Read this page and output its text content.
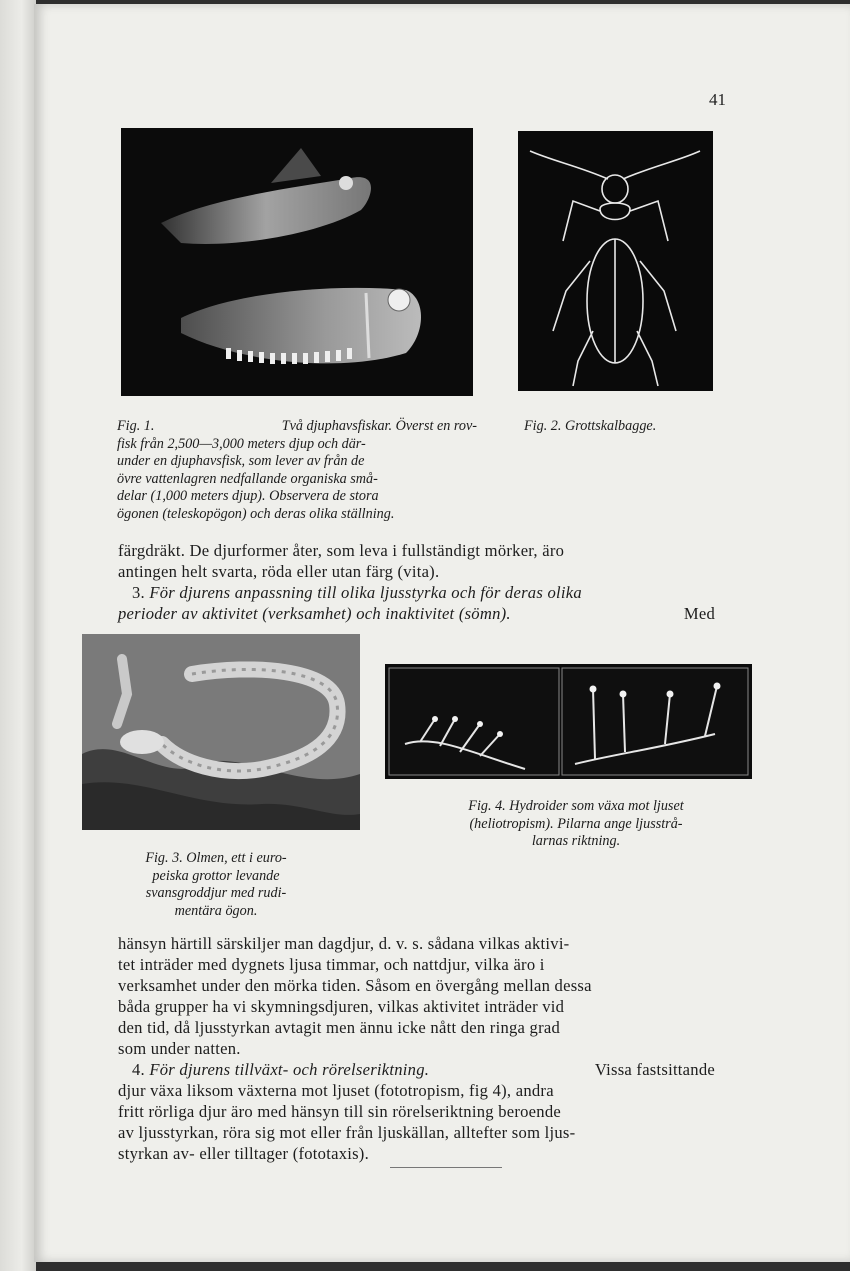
41

Fig. 1.	Två djuphavsfiskar. Överst en rov-

fisk från 2,500—3,000 meters djup och där-

under en djuphavsfisk, som lever av från de

övre vattenlagren nedfallande organiska små-

delar (1,000 meters djup). Observera de stora

ögonen (teleskopögon) och deras olika ställning.

Fig. 2. Grottskalbagge.

färgdräkt. De djurformer åter, som leva i fullständigt mörker, äro
antingen helt svarta, röda eller utan färg (vita).
3. För djurens anpassning till olika ljusstyrka och för deras olika
perioder av aktivitet (verksamhet) och inaktivitet (sömn).	Med

Fig. 4. Hydroider som växa mot ljuset

(heliotropism). Pilarna ange ljusstrå-

larnas riktning.

Fig. 3. Olmen, ett i euro-

peiska grottor levande

svansgroddjur med rudi-

mentära ögon.

hänsyn härtill särskiljer man dagdjur, d. v. s. sådana vilkas aktivi-
tet inträder med dygnets ljusa timmar, och nattdjur, vilka äro i
verksamhet under den mörka tiden. Såsom en övergång mellan dessa
båda grupper ha vi skymningsdjuren, vilkas aktivitet inträder vid
den tid, då ljusstyrkan avtagit men ännu icke nått den ringa grad
som under natten.
4. För djurens tillväxt- och rörelseriktning.	Vissa fastsittande
djur växa liksom växterna mot ljuset (fototropism, fig 4), andra
fritt rörliga djur äro med hänsyn till sin rörelseriktning beroende
av ljusstyrkan, röra sig mot eller från ljuskällan, alltefter som ljus-
styrkan av- eller tilltager (fototaxis).
